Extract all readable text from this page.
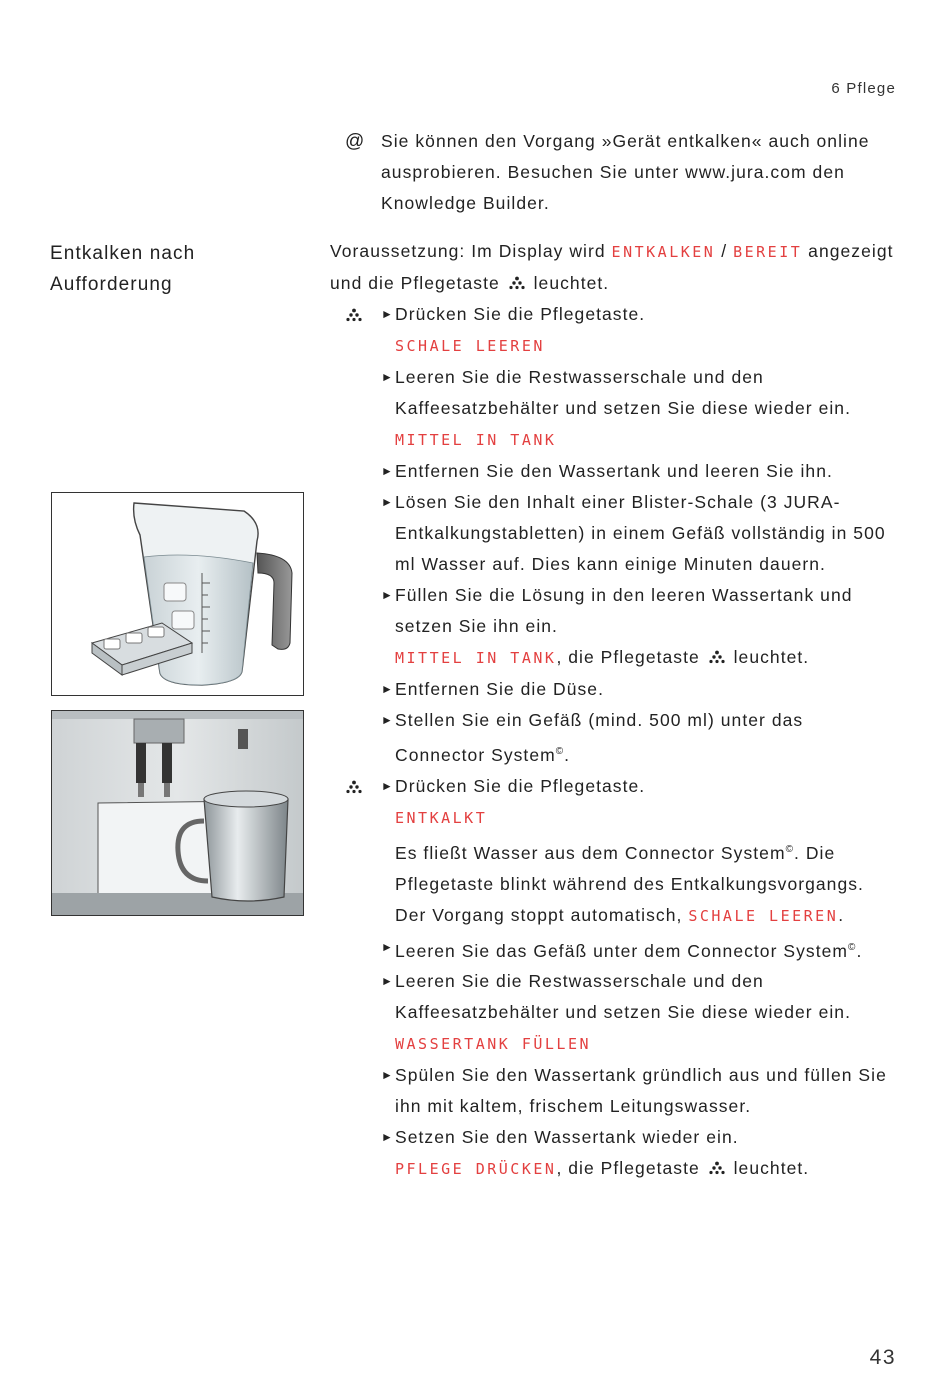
6 Pflege
Entkalken nach
Aufforderung
@ Sie können den Vorgang »Gerät entkalken« auch online ausprobieren. Besuchen Sie unter www.jura.com den Knowledge Builder.
Voraussetzung: Im Display wird ENTKALKEN / BEREIT angezeigt und die Pflegetaste  leuchtet.
► Drücken Sie die Pflegetaste.
SCHALE LEEREN
► Leeren Sie die Restwasserschale und den Kaffeesatzbehälter und setzen Sie diese wieder ein.
MITTEL IN TANK
► Entfernen Sie den Wassertank und leeren Sie ihn.
► Lösen Sie den Inhalt einer Blister-Schale (3 JURA-Entkalkungstabletten) in einem Gefäß vollständig in 500 ml Wasser auf. Dies kann einige Minuten dauern.
► Füllen Sie die Lösung in den leeren Wassertank und setzen Sie ihn ein.
MITTEL IN TANK, die Pflegetaste  leuchtet.
► Entfernen Sie die Düse.
► Stellen Sie ein Gefäß (mind. 500 ml) unter das Connector System©.
► Drücken Sie die Pflegetaste.
ENTKALKT
Es fließt Wasser aus dem Connector System©. Die Pflegetaste blinkt während des Entkalkungsvorgangs.
Der Vorgang stoppt automatisch, SCHALE LEEREN.
► Leeren Sie das Gefäß unter dem Connector System©.
► Leeren Sie die Restwasserschale und den Kaffeesatzbehälter und setzen Sie diese wieder ein.
WASSERTANK FÜLLEN
► Spülen Sie den Wassertank gründlich aus und füllen Sie ihn mit kaltem, frischem Leitungswasser.
► Setzen Sie den Wassertank wieder ein.
PFLEGE DRÜCKEN, die Pflegetaste  leuchtet.
43
